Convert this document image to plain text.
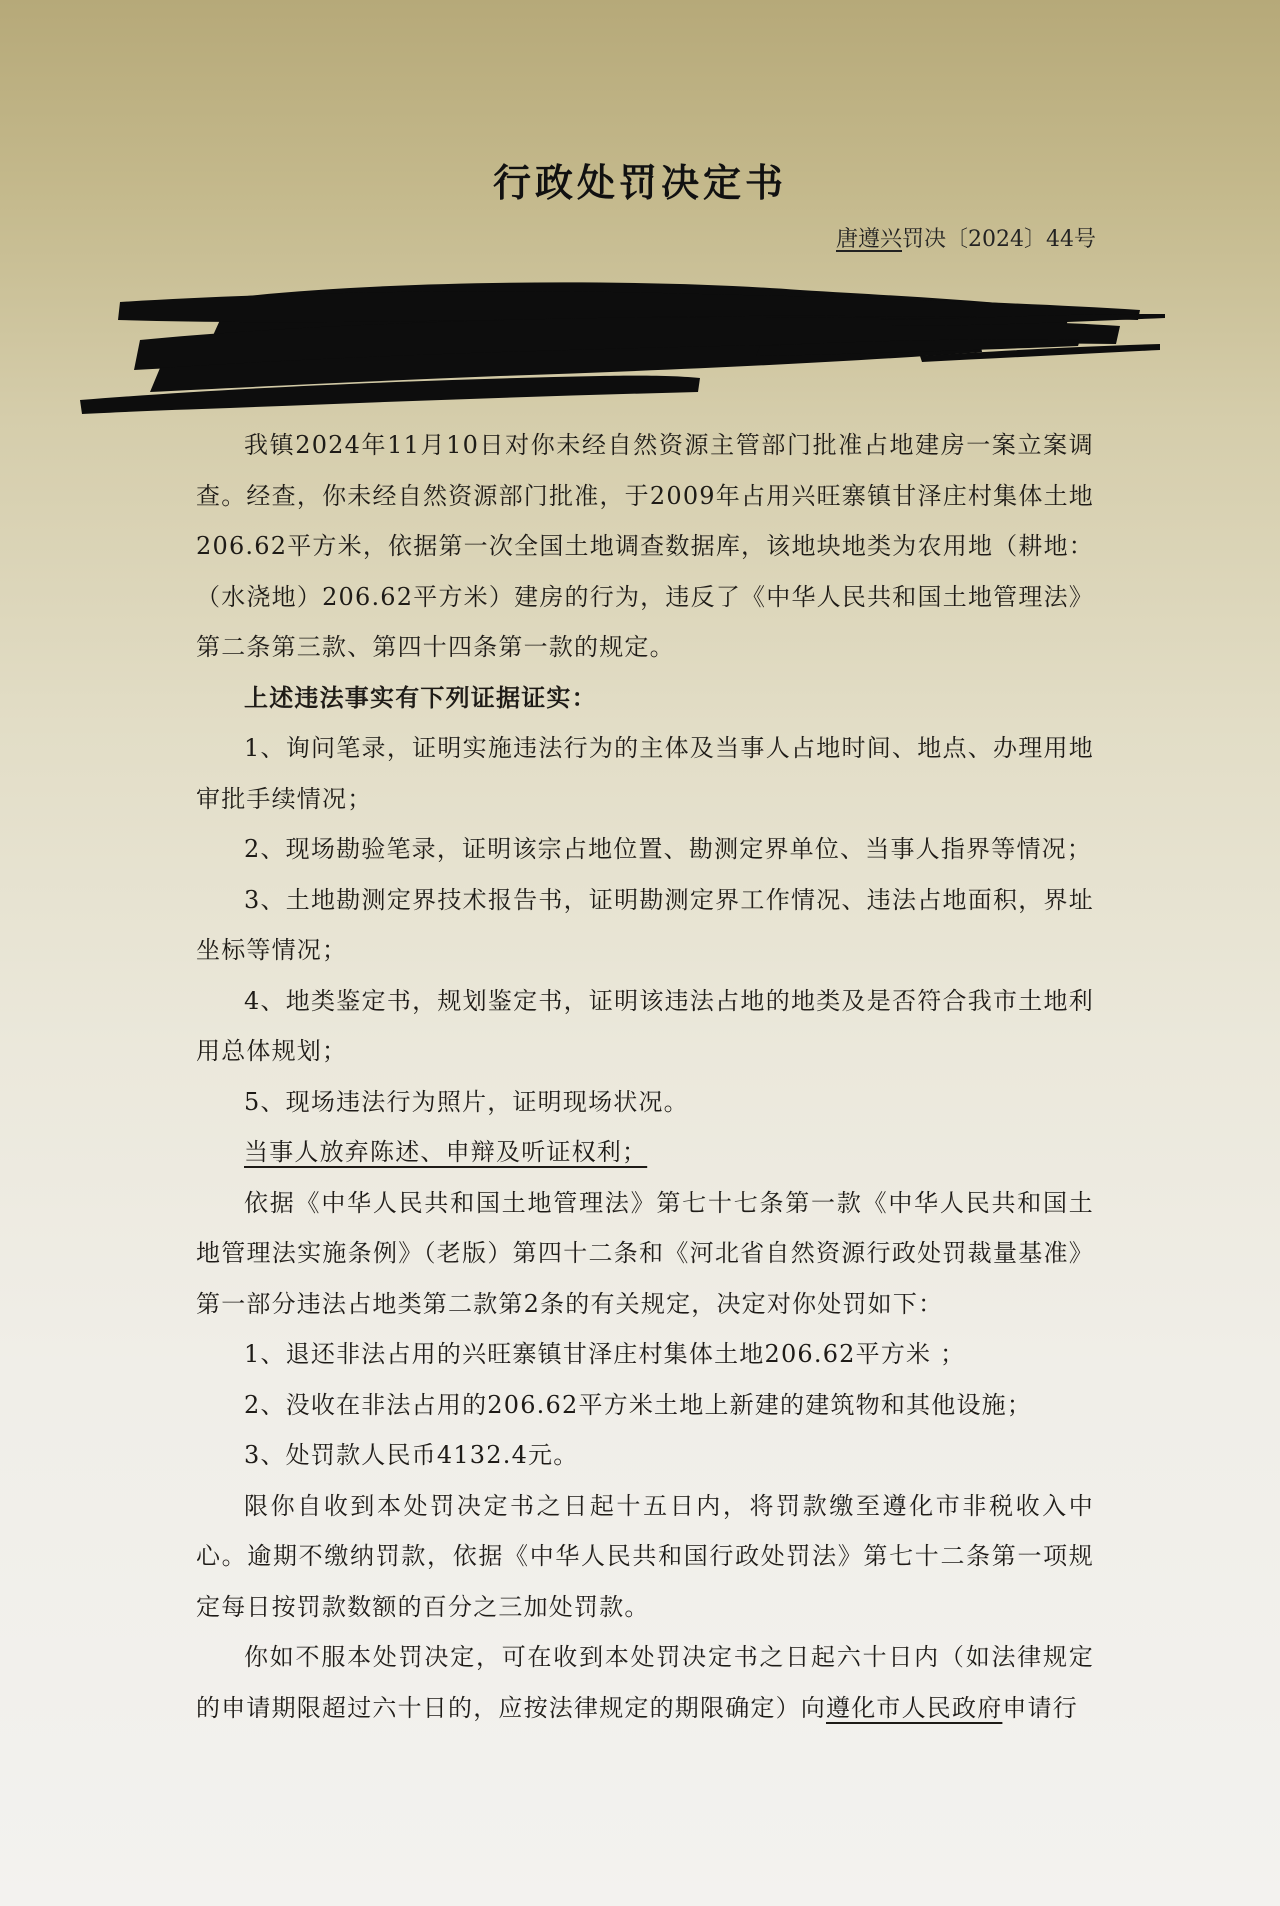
行政处罚决定书
唐遵兴罚决〔2024〕44号

我镇2024年11月10日对你未经自然资源主管部门批准占地建房一案立案调查。经查，你未经自然资源部门批准，于2009年占用兴旺寨镇甘泽庄村集体土地206.62平方米，依据第一次全国土地调查数据库，该地块地类为农用地（耕地：（水浇地）206.62平方米）建房的行为，违反了《中华人民共和国土地管理法》第二条第三款、第四十四条第一款的规定。

上述违法事实有下列证据证实：

1、询问笔录，证明实施违法行为的主体及当事人占地时间、地点、办理用地审批手续情况；

2、现场勘验笔录，证明该宗占地位置、勘测定界单位、当事人指界等情况；

3、土地勘测定界技术报告书，证明勘测定界工作情况、违法占地面积，界址坐标等情况；

4、地类鉴定书，规划鉴定书，证明该违法占地的地类及是否符合我市土地利用总体规划；

5、现场违法行为照片，证明现场状况。

当事人放弃陈述、申辩及听证权利；

依据《中华人民共和国土地管理法》第七十七条第一款《中华人民共和国土地管理法实施条例》（老版）第四十二条和《河北省自然资源行政处罚裁量基准》第一部分违法占地类第二款第2条的有关规定，决定对你处罚如下：

1、退还非法占用的兴旺寨镇甘泽庄村集体土地206.62平方米 ；

2、没收在非法占用的206.62平方米土地上新建的建筑物和其他设施；

3、处罚款人民币4132.4元。

限你自收到本处罚决定书之日起十五日内，将罚款缴至遵化市非税收入中心。逾期不缴纳罚款，依据《中华人民共和国行政处罚法》第七十二条第一项规定每日按罚款数额的百分之三加处罚款。

你如不服本处罚决定，可在收到本处罚决定书之日起六十日内（如法律规定的申请期限超过六十日的，应按法律规定的期限确定）向遵化市人民政府申请行
